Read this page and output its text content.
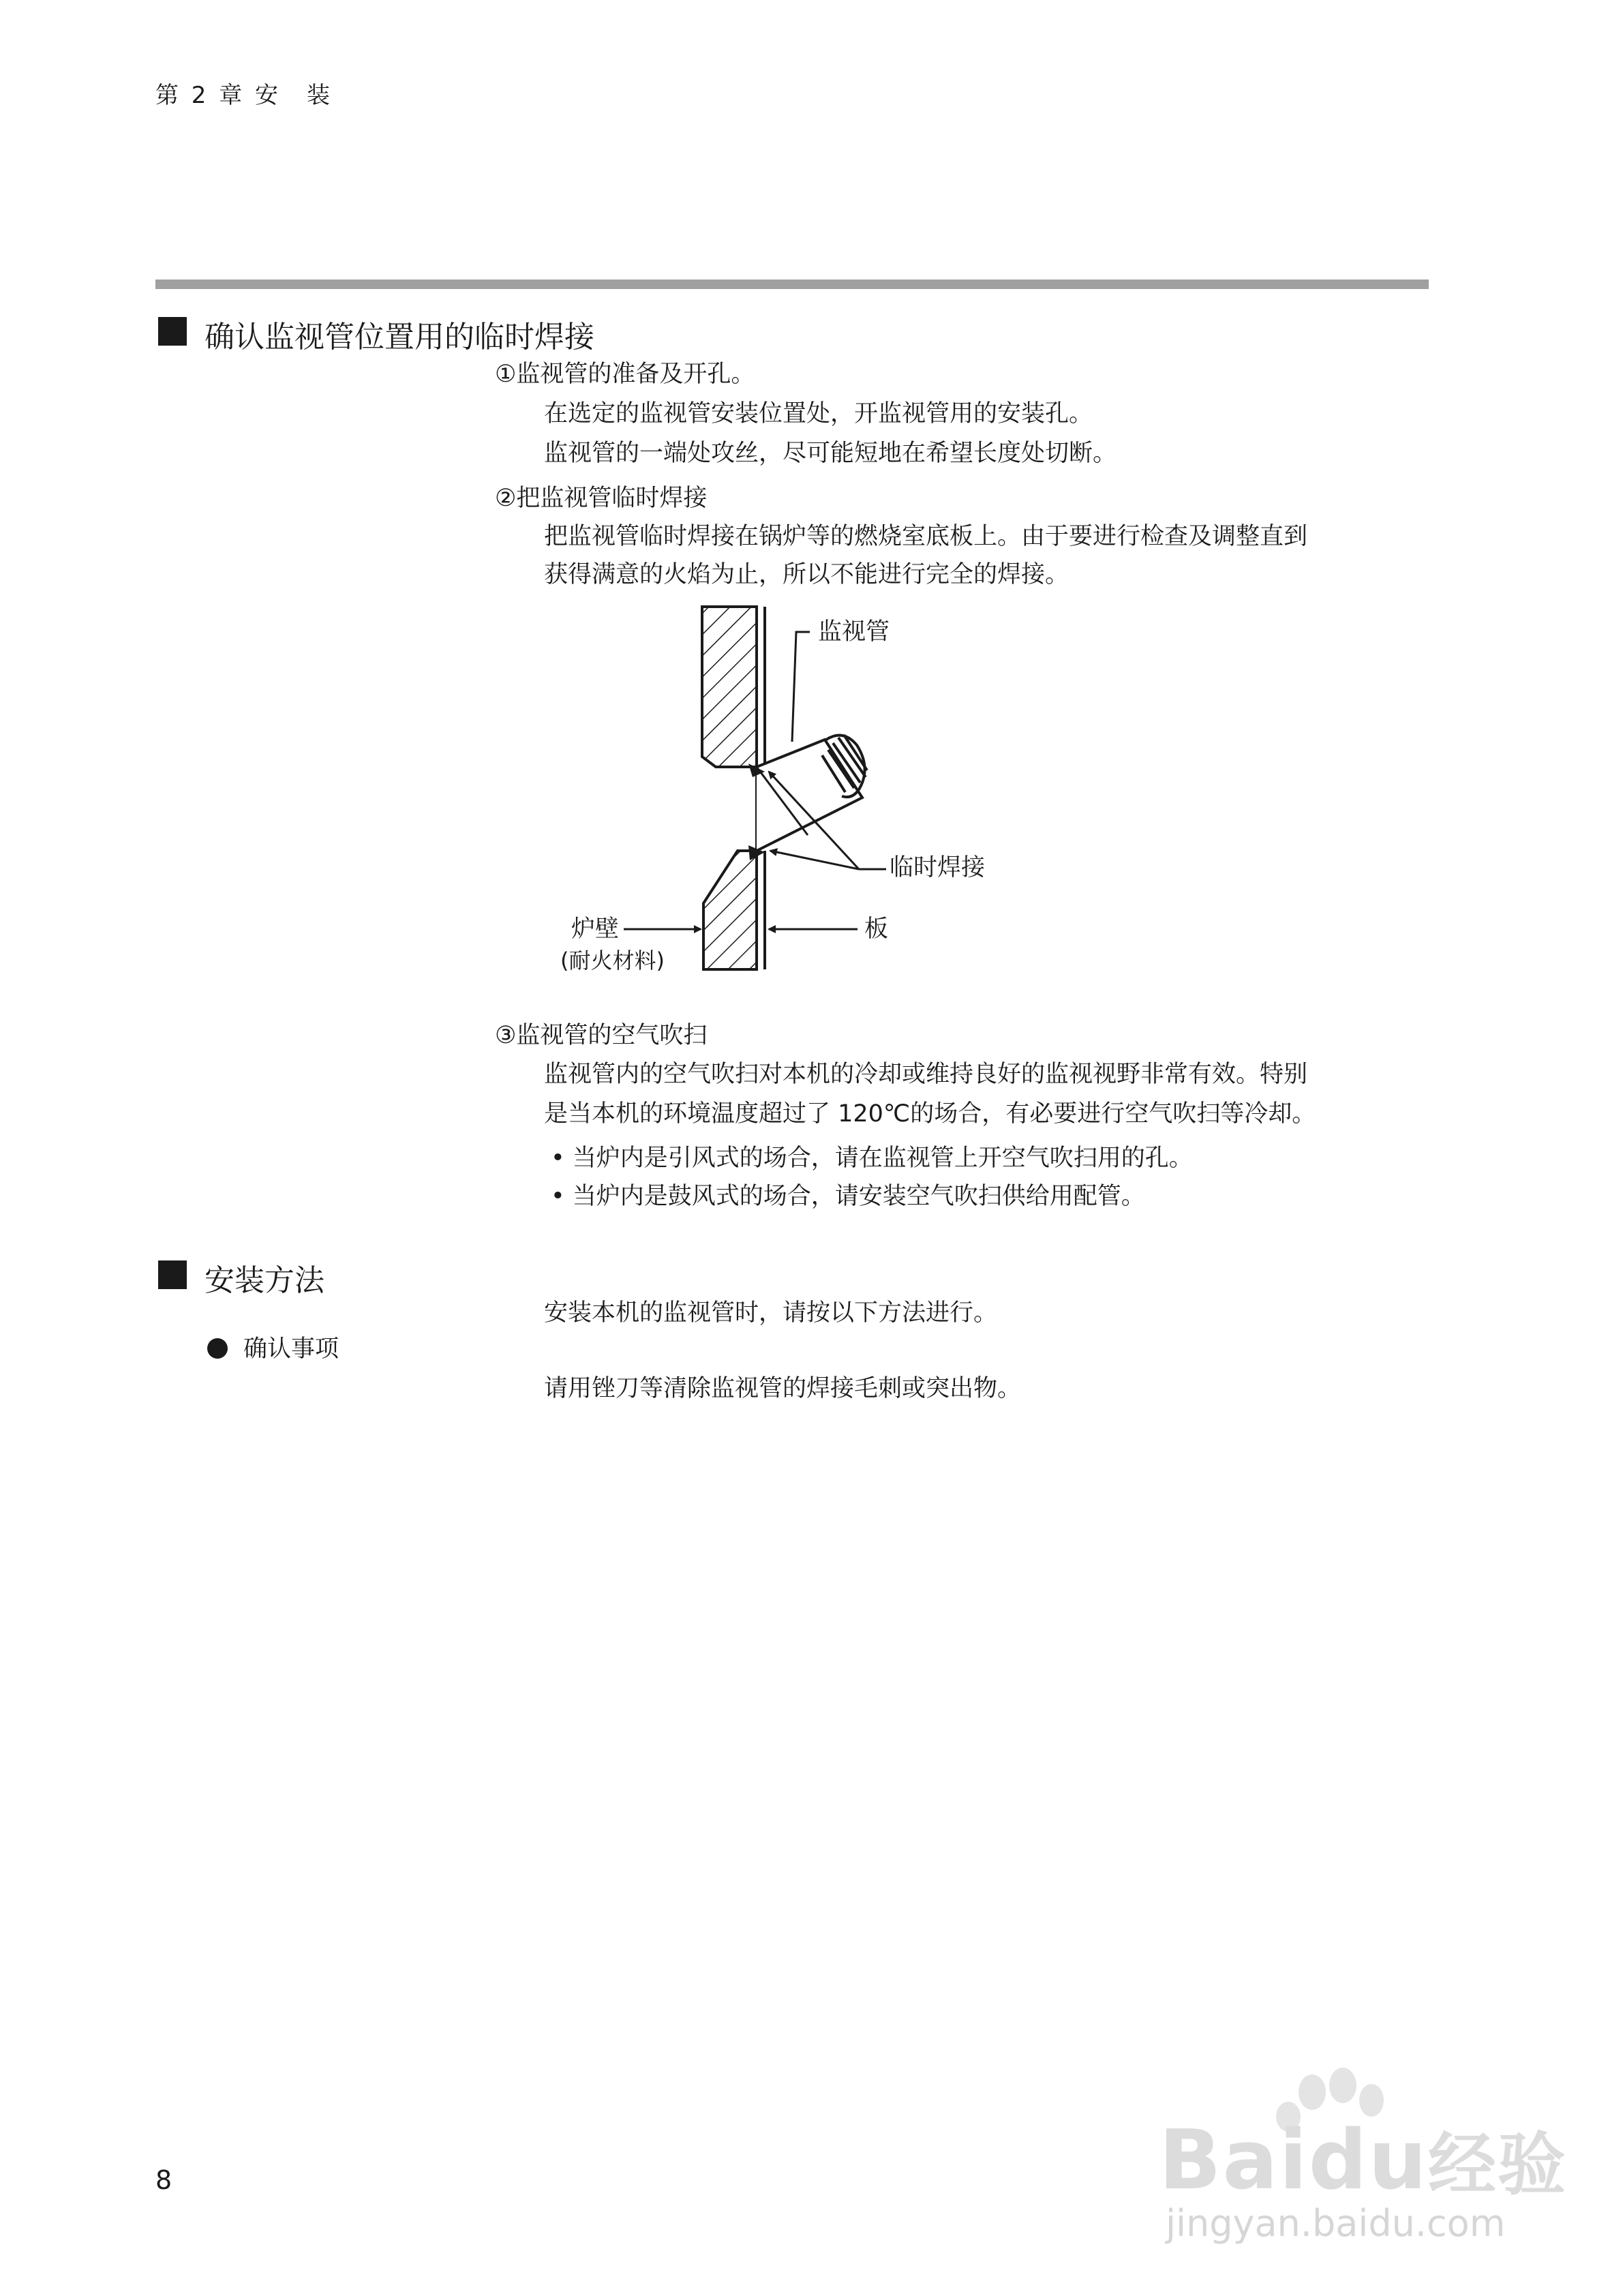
第 2 章 安　装
确认监视管位置用的临时焊接
①监视管的准备及开孔。
在选定的监视管安装位置处，开监视管用的安装孔。
监视管的一端处攻丝，尽可能短地在希望长度处切断。
②把监视管临时焊接
把监视管临时焊接在锅炉等的燃烧室底板上。由于要进行检查及调整直到
获得满意的火焰为止，所以不能进行完全的焊接。
监视管
临时焊接
炉壁
(耐火材料)
板
③监视管的空气吹扫
监视管内的空气吹扫对本机的冷却或维持良好的监视视野非常有效。特别
是当本机的环境温度超过了 120℃的场合，有必要进行空气吹扫等冷却。
• 当炉内是引风式的场合，请在监视管上开空气吹扫用的孔。
• 当炉内是鼓风式的场合，请安装空气吹扫供给用配管。
安装方法
安装本机的监视管时，请按以下方法进行。
确认事项
请用锉刀等清除监视管的焊接毛刺或突出物。
8	Baidu经验
jingyan.baidu.com
